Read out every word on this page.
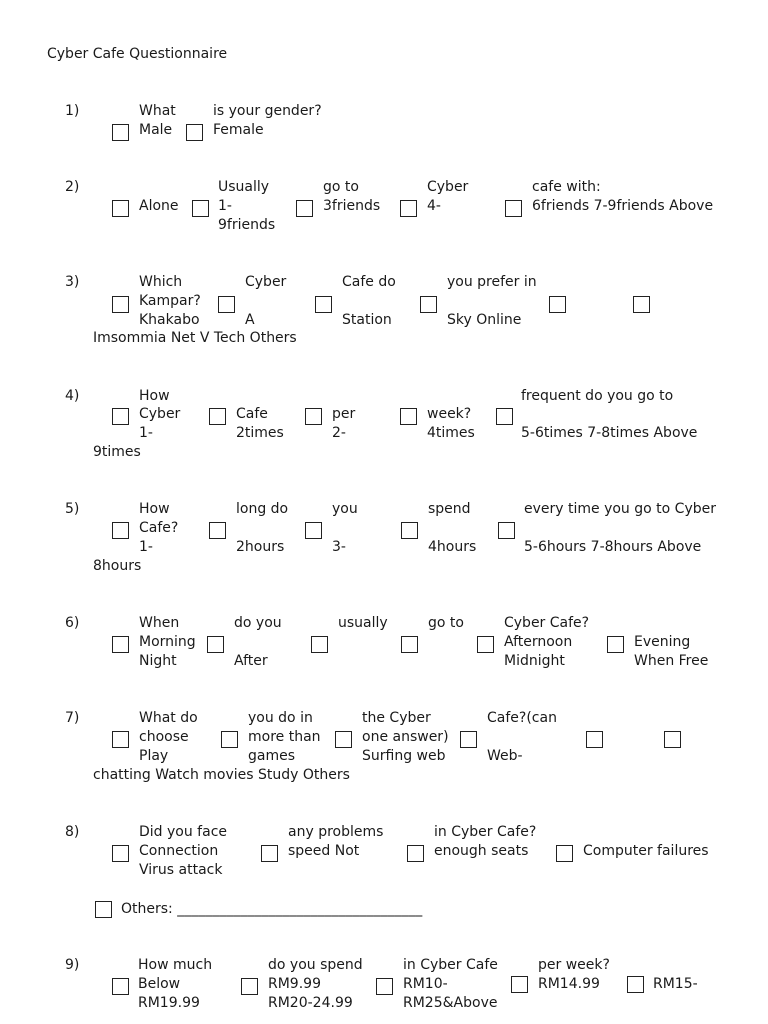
Cyber Cafe Questionnaire
1)	What	is your gender?
Male	Female
2)	Usually	go to	Cyber	cafe with:
Alone	1-	3friends	4-	6friends 7-9friends Above
9friends
3)	Which	Cyber	Cafe do	you prefer in
Kampar?
Khakabo	A	Station	Sky Online
Imsommia Net V Tech Others
4)	How	frequent do you go to
Cyber	Cafe	per	week?
1-	2times	2-	4times	5-6times 7-8times Above
9times
5)	How	long do	you	spend	every time you go to Cyber
Cafe?
1-	2hours	3-	4hours	5-6hours 7-8hours Above
8hours
6)	When	do you	usually	go to	Cyber Cafe?
Morning	Afternoon	Evening
Night	After	Midnight	When Free
7)	What do	you do in	the Cyber	Cafe?(can
choose	more than	one answer)
Play	games	Surfing web	Web-
chatting Watch movies Study Others
8)	Did you face	any problems	in Cyber Cafe?
Connection	speed Not	enough seats	Computer failures
Virus attack
Others: ___________________________________
9)	How much	do you spend	in Cyber Cafe	per week?
Below	RM9.99	RM10-	RM14.99	RM15-
RM19.99	RM20-24.99	RM25&Above
